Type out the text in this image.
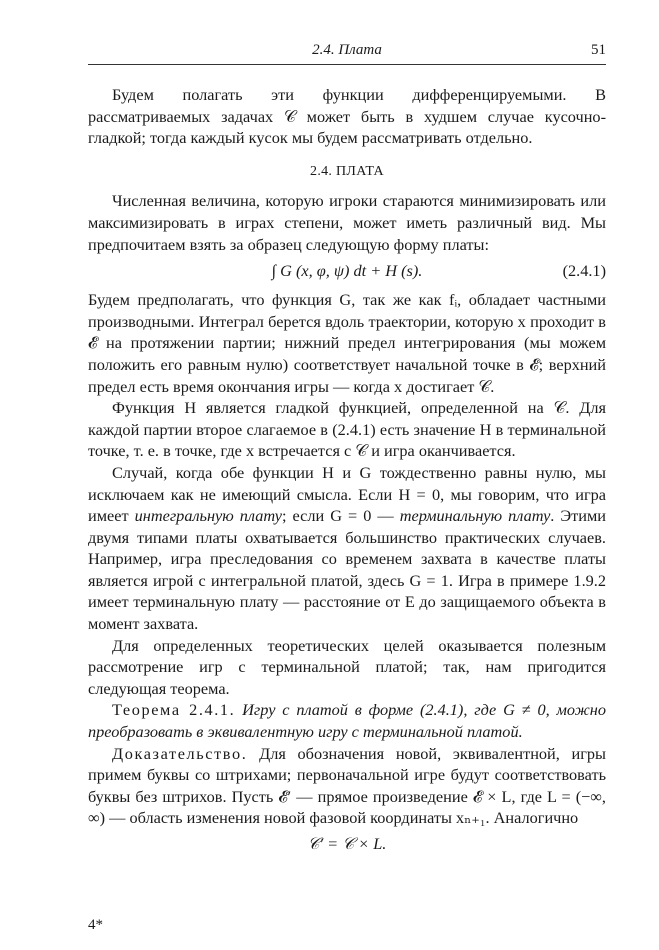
2.4. Плата	51

Будем полагать эти функции дифференцируемыми. В рассматриваемых задачах 𝒞 может быть в худшем случае кусочно-гладкой; тогда каждый кусок мы будем рассматривать отдельно.

2.4. ПЛАТА

Численная величина, которую игроки стараются минимизировать или максимизировать в играх степени, может иметь различный вид. Мы предпочитаем взять за образец следующую форму платы:

∫ G (x, φ, ψ) dt + H (s).	(2.4.1)

Будем предполагать, что функция G, так же как fᵢ, обладает частными производными. Интеграл берется вдоль траектории, которую x проходит в 𝓔 на протяжении партии; нижний предел интегрирования (мы можем положить его равным нулю) соответствует начальной точке в 𝓔; верхний предел есть время окончания игры — когда x достигает 𝒞.

Функция H является гладкой функцией, определенной на 𝒞. Для каждой партии второе слагаемое в (2.4.1) есть значение H в терминальной точке, т. е. в точке, где x встречается с 𝒞 и игра оканчивается.

Случай, когда обе функции H и G тождественно равны нулю, мы исключаем как не имеющий смысла. Если H = 0, мы говорим, что игра имеет интегральную плату; если G = 0 — терминальную плату. Этими двумя типами платы охватывается большинство практических случаев. Например, игра преследования со временем захвата в качестве платы является игрой с интегральной платой, здесь G = 1. Игра в примере 1.9.2 имеет терминальную плату — расстояние от E до защищаемого объекта в момент захвата.

Для определенных теоретических целей оказывается полезным рассмотрение игр с терминальной платой; так, нам пригодится следующая теорема.

Теорема 2.4.1. Игру с платой в форме (2.4.1), где G ≠ 0, можно преобразовать в эквивалентную игру с терминальной платой.

Доказательство. Для обозначения новой, эквивалентной, игры примем буквы со штрихами; первоначальной игре будут соответствовать буквы без штрихов. Пусть 𝓔′ — прямое произведение 𝓔 × L, где L = (−∞, ∞) — область изменения новой фазовой координаты xₙ₊₁. Аналогично

𝒞′ = 𝒞 × L.
4*
